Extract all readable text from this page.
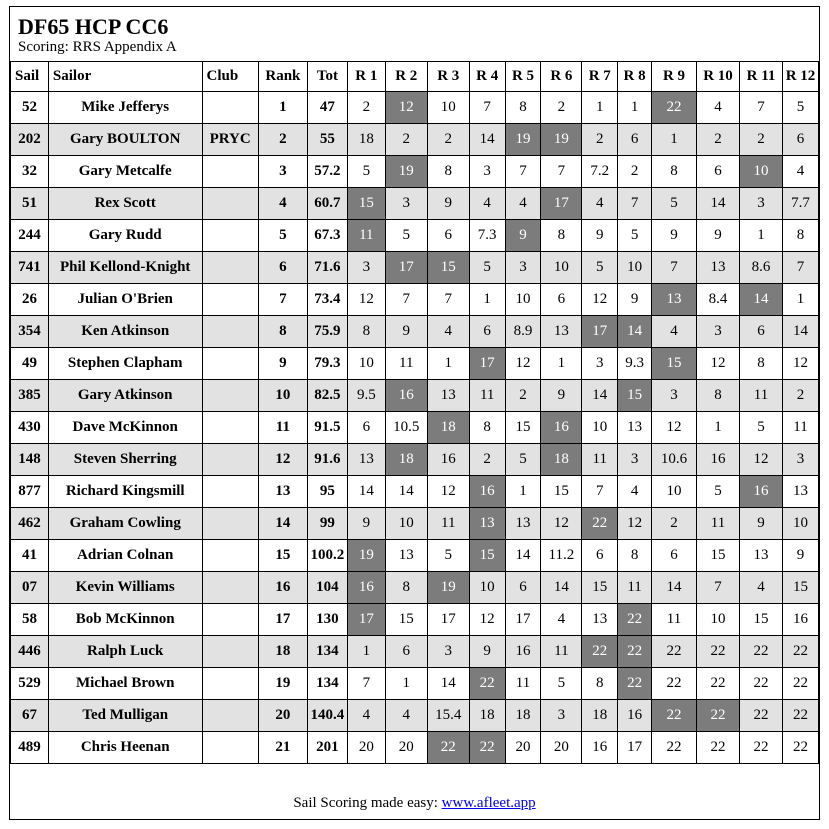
DF65 HCP CC6
Scoring: RRS Appendix A
Sail	Sailor	Club	Rank	Tot	R 1	R 2	R 3	R 4	R 5	R 6	R 7	R 8	R 9	R 10	R 11	R 12
52	Mike Jefferys		1	47	2	12	10	7	8	2	1	1	22	4	7	5
202	Gary BOULTON	PRYC	2	55	18	2	2	14	19	19	2	6	1	2	2	6
32	Gary Metcalfe		3	57.2	5	19	8	3	7	7	7.2	2	8	6	10	4
51	Rex Scott		4	60.7	15	3	9	4	4	17	4	7	5	14	3	7.7
244	Gary Rudd		5	67.3	11	5	6	7.3	9	8	9	5	9	9	1	8
741	Phil Kellond-Knight		6	71.6	3	17	15	5	3	10	5	10	7	13	8.6	7
26	Julian O'Brien		7	73.4	12	7	7	1	10	6	12	9	13	8.4	14	1
354	Ken Atkinson		8	75.9	8	9	4	6	8.9	13	17	14	4	3	6	14
49	Stephen Clapham		9	79.3	10	11	1	17	12	1	3	9.3	15	12	8	12
385	Gary Atkinson		10	82.5	9.5	16	13	11	2	9	14	15	3	8	11	2
430	Dave McKinnon		11	91.5	6	10.5	18	8	15	16	10	13	12	1	5	11
148	Steven Sherring		12	91.6	13	18	16	2	5	18	11	3	10.6	16	12	3
877	Richard Kingsmill		13	95	14	14	12	16	1	15	7	4	10	5	16	13
462	Graham Cowling		14	99	9	10	11	13	13	12	22	12	2	11	9	10
41	Adrian Colnan		15	100.2	19	13	5	15	14	11.2	6	8	6	15	13	9
07	Kevin Williams		16	104	16	8	19	10	6	14	15	11	14	7	4	15
58	Bob McKinnon		17	130	17	15	17	12	17	4	13	22	11	10	15	16
446	Ralph Luck		18	134	1	6	3	9	16	11	22	22	22	22	22	22
529	Michael Brown		19	134	7	1	14	22	11	5	8	22	22	22	22	22
67	Ted Mulligan		20	140.4	4	4	15.4	18	18	3	18	16	22	22	22	22
489	Chris Heenan		21	201	20	20	22	22	20	20	16	17	22	22	22	22
Sail Scoring made easy: www.afleet.app
